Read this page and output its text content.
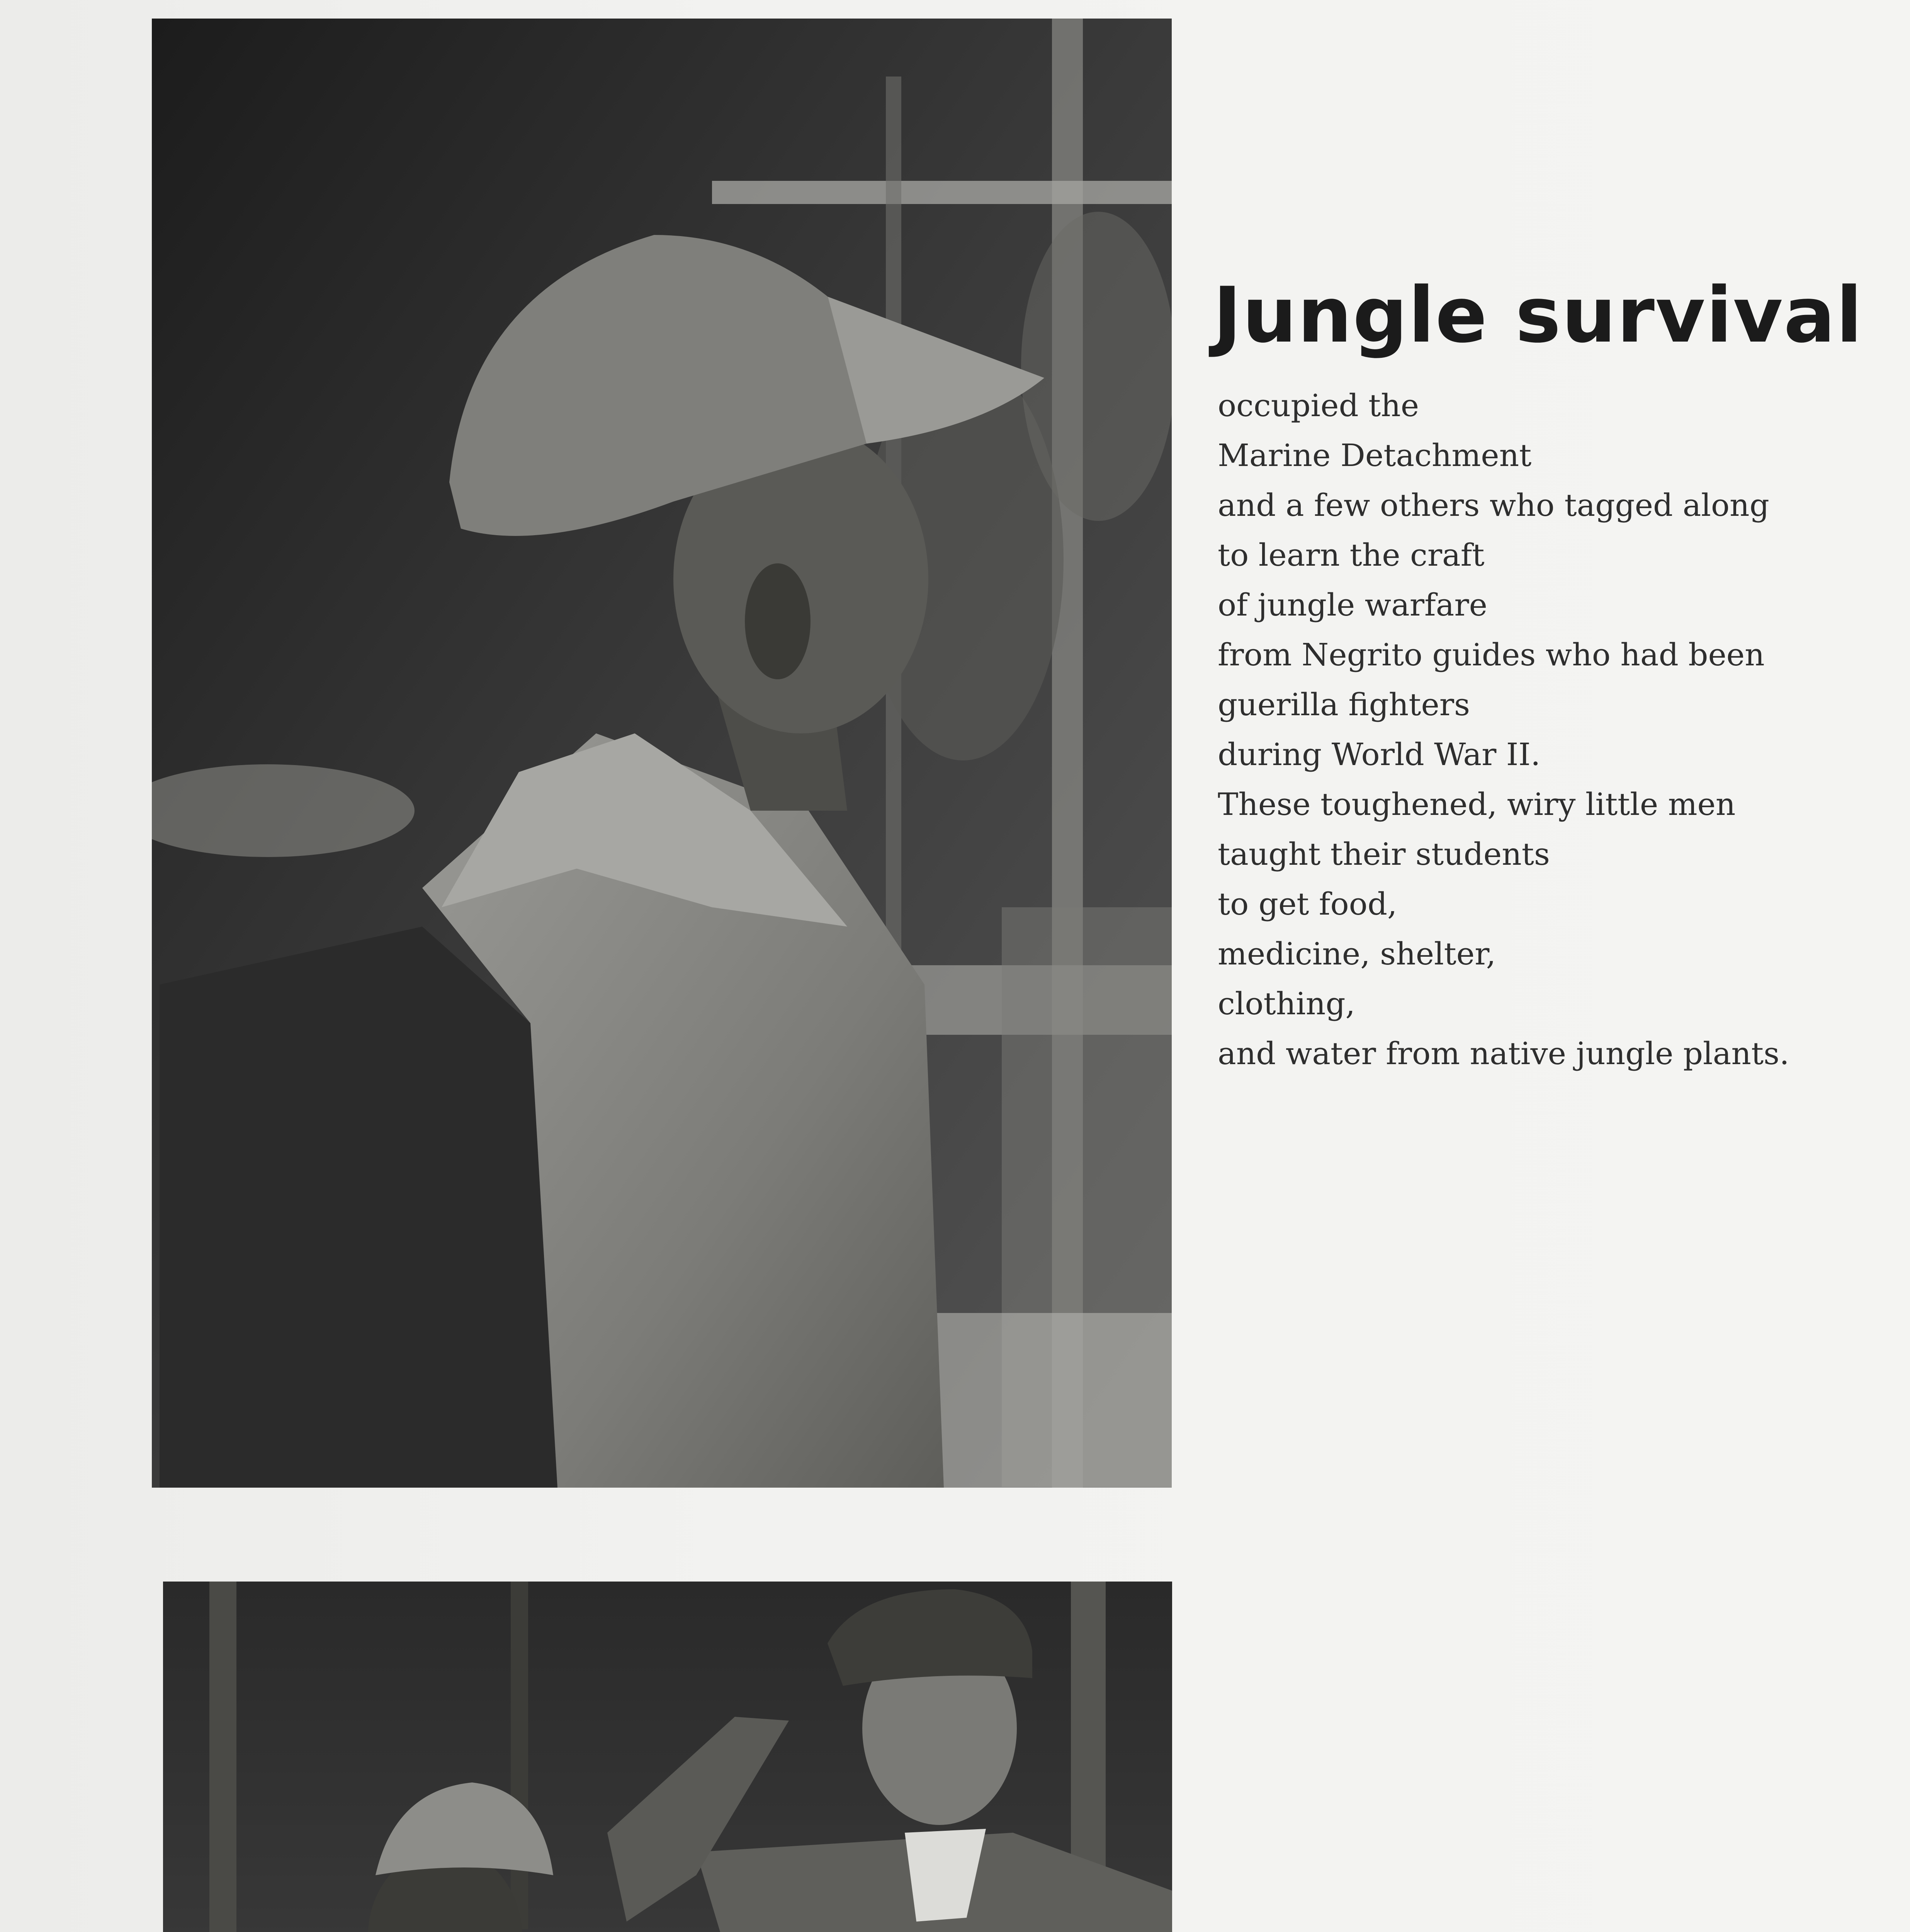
Jungle survival
occupied the
Marine Detachment
and a few others who tagged along
to learn the craft
of jungle warfare
from Negrito guides who had been
guerilla fighters
during World War II.
These toughened, wiry little men
taught their students
to get food,
medicine, shelter,
clothing,
and water from native jungle plants.
